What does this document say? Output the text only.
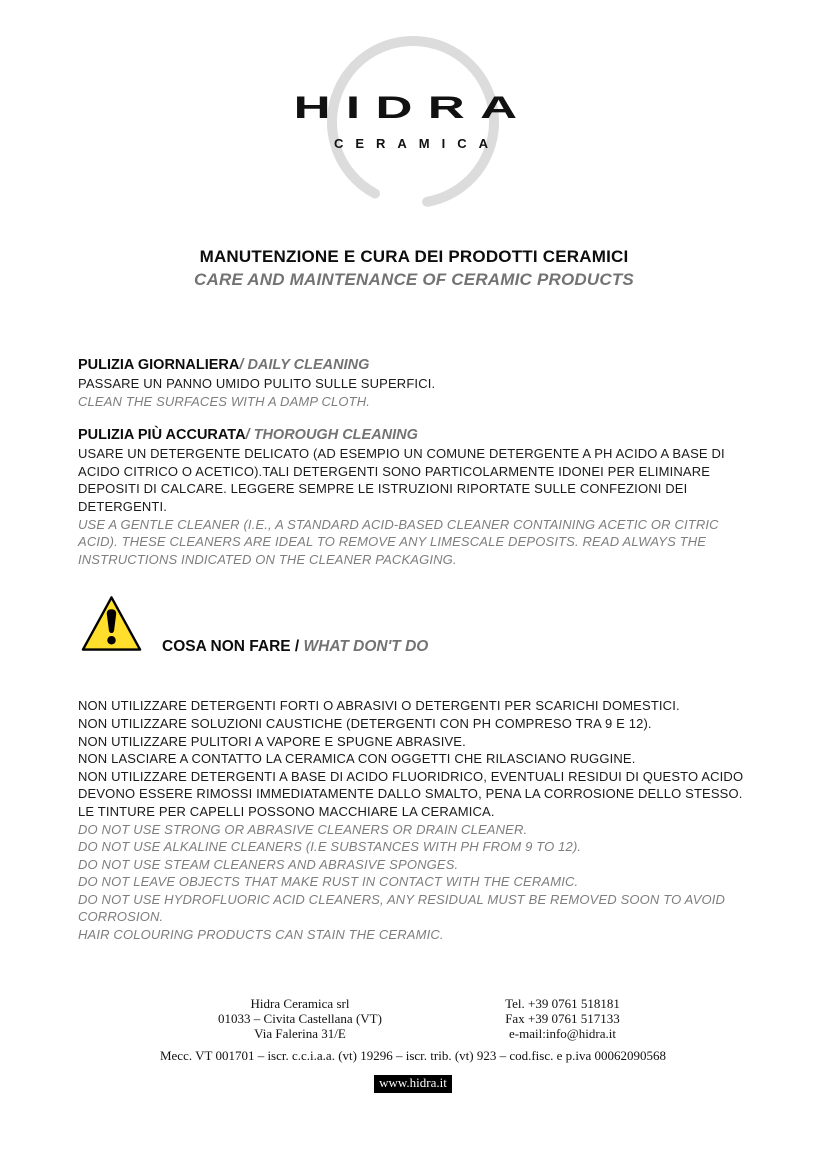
HIDRA
CERAMICA
MANUTENZIONE E CURA DEI PRODOTTI CERAMICI
CARE AND MAINTENANCE OF CERAMIC PRODUCTS
PULIZIA GIORNALIERA/ DAILY CLEANING

PASSARE UN PANNO UMIDO PULITO SULLE SUPERFICI.

CLEAN THE SURFACES WITH A DAMP CLOTH.

PULIZIA PIÙ ACCURATA/ THOROUGH CLEANING

USARE UN DETERGENTE DELICATO (AD ESEMPIO UN COMUNE DETERGENTE A PH ACIDO A BASE DI ACIDO CITRICO O ACETICO).TALI DETERGENTI SONO PARTICOLARMENTE IDONEI PER ELIMINARE DEPOSITI DI CALCARE. LEGGERE SEMPRE LE ISTRUZIONI RIPORTATE SULLE CONFEZIONI DEI DETERGENTI.

USE A GENTLE CLEANER (I.E., A STANDARD ACID-BASED CLEANER CONTAINING ACETIC OR CITRIC ACID). THESE CLEANERS ARE IDEAL TO REMOVE ANY LIMESCALE DEPOSITS. READ ALWAYS THE INSTRUCTIONS INDICATED ON THE CLEANER PACKAGING.

COSA NON FARE / WHAT DON'T DO

NON UTILIZZARE DETERGENTI FORTI O ABRASIVI O DETERGENTI PER SCARICHI DOMESTICI.

NON UTILIZZARE SOLUZIONI CAUSTICHE (DETERGENTI CON PH COMPRESO TRA 9 E 12).

NON UTILIZZARE PULITORI A VAPORE E SPUGNE ABRASIVE.

NON LASCIARE A CONTATTO LA CERAMICA CON OGGETTI CHE RILASCIANO RUGGINE.

NON UTILIZZARE DETERGENTI A BASE DI ACIDO FLUORIDRICO, EVENTUALI RESIDUI DI QUESTO ACIDO DEVONO ESSERE RIMOSSI IMMEDIATAMENTE DALLO SMALTO, PENA LA CORROSIONE DELLO STESSO.

LE TINTURE PER CAPELLI POSSONO MACCHIARE LA CERAMICA.

DO NOT USE STRONG OR ABRASIVE CLEANERS OR DRAIN CLEANER.

DO NOT USE ALKALINE CLEANERS (I.E SUBSTANCES WITH PH FROM 9 TO 12).

DO NOT USE STEAM CLEANERS AND ABRASIVE SPONGES.

DO NOT LEAVE OBJECTS THAT MAKE RUST IN CONTACT WITH THE CERAMIC.

DO NOT USE HYDROFLUORIC ACID CLEANERS, ANY RESIDUAL MUST BE REMOVED SOON TO AVOID CORROSION.

HAIR COLOURING PRODUCTS CAN STAIN THE CERAMIC.

Hidra Ceramica srl
01033 – Civita Castellana (VT)
Via Falerina 31/E
Tel. +39 0761 518181
Fax +39 0761 517133
e-mail:info@hidra.it
Mecc. VT 001701 – iscr. c.c.i.a.a. (vt) 19296 – iscr. trib. (vt) 923 – cod.fisc. e p.iva 00062090568
www.hidra.it
